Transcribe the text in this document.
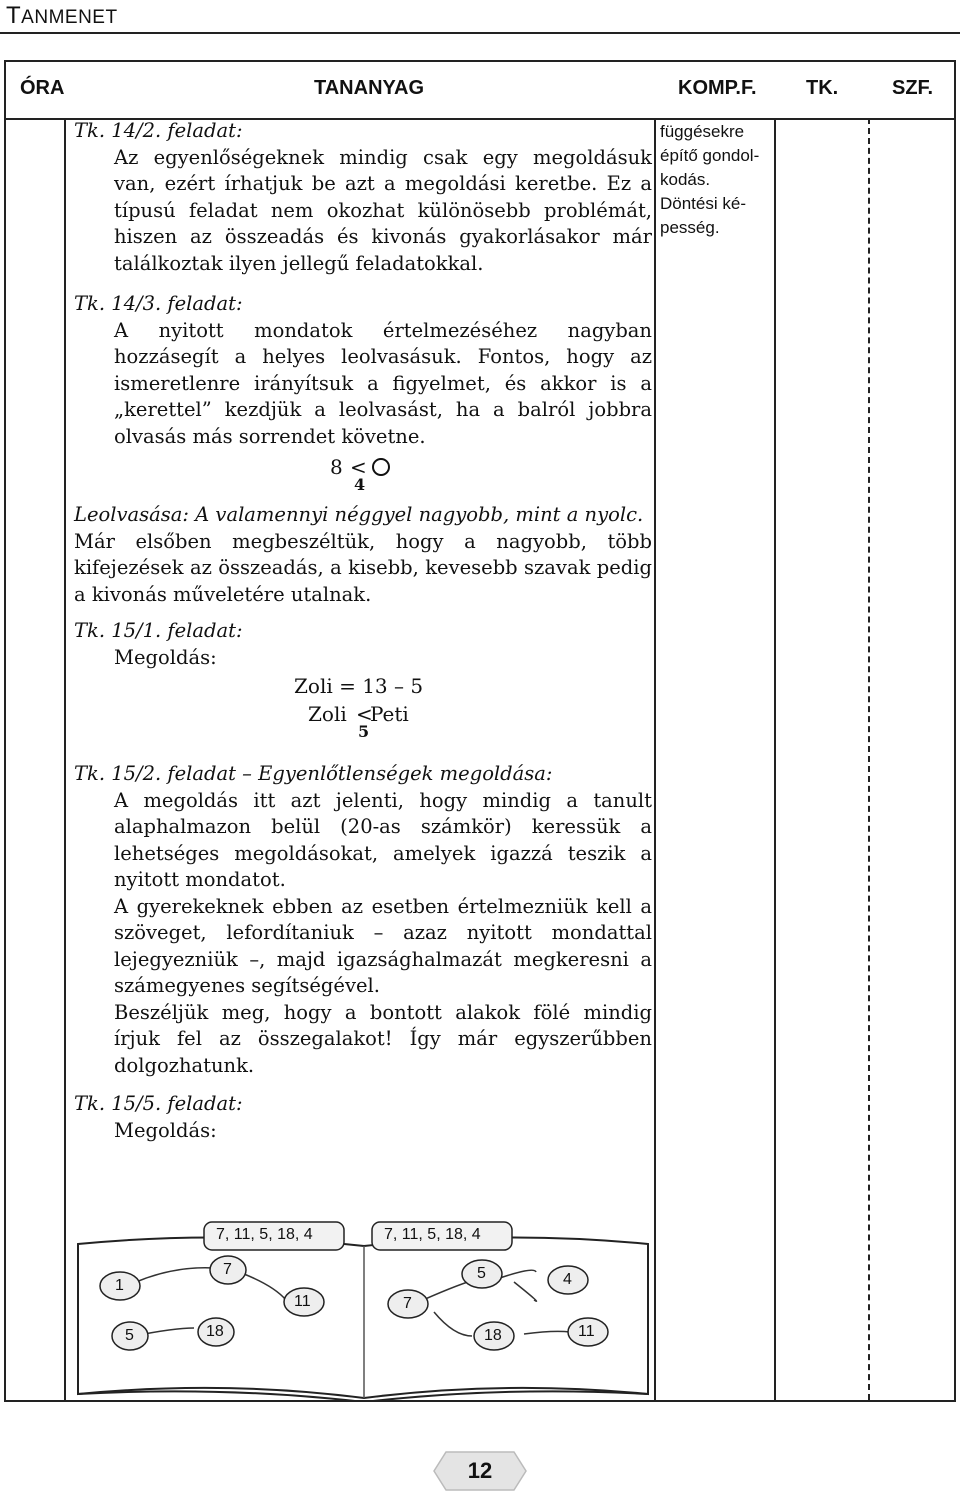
TANMENET
ÓRA	TANANYAG	KOMP.F. TK.	SZF.
függésekre
építő gondol-
kodás.
Döntési ké-
pesség.

Tk. 14/2. feladat:

Az egyenlőségeknek mindig csak egy megoldásuk van, ezért írhatjuk be azt a megoldási keretbe. Ez a típusú feladat nem okozhat különösebb problémát, hiszen az összeadás és kivonás gyakorlásakor már találkoztak ilyen jellegű feladatokkal.

Tk. 14/3. feladat:

A nyitott mondatok értelmezéséhez nagyban hozzásegít a helyes leolvasásuk. Fontos, hogy az ismeretlenre irányítsuk a figyelmet, és akkor is a „kerettel” kezdjük a leolvasást, ha a balról jobbra olvasás más sorrendet követne.

8 <
4

Leolvasása: A valamennyi néggyel nagyobb, mint a nyolc.

Már elsőben megbeszéltük, hogy a nagyobb, több kifejezések az összeadás, a kisebb, kevesebb szavak pedig a kivonás műveletére utalnak.

Tk. 15/1. feladat:

Megoldás:

Zoli = 13 – 5
Zoli <
Peti
5

Tk. 15/2. feladat – Egyenlőtlenségek megoldása:

A megoldás itt azt jelenti, hogy mindig a tanult alaphalmazon belül (20-as számkör) keressük a lehetséges megoldásokat, amelyek igazzá teszik a nyitott mondatot.

A gyerekeknek ebben az esetben értelmezniük kell a szöveget, lefordítaniuk – azaz nyitott mondattal lejegyezniük –, majd igazsághalmazát megkeresni a számegyenes segítségével.

Beszéljük meg, hogy a bontott alakok fölé mindig írjuk fel az összegalakot! Így már egyszerűbben dolgozhatunk.

Tk. 15/5. feladat:

Megoldás:

7, 11, 5, 18, 4	7, 11, 5, 18, 4
1
7
11
5	18
7
5	4
18	11
12
